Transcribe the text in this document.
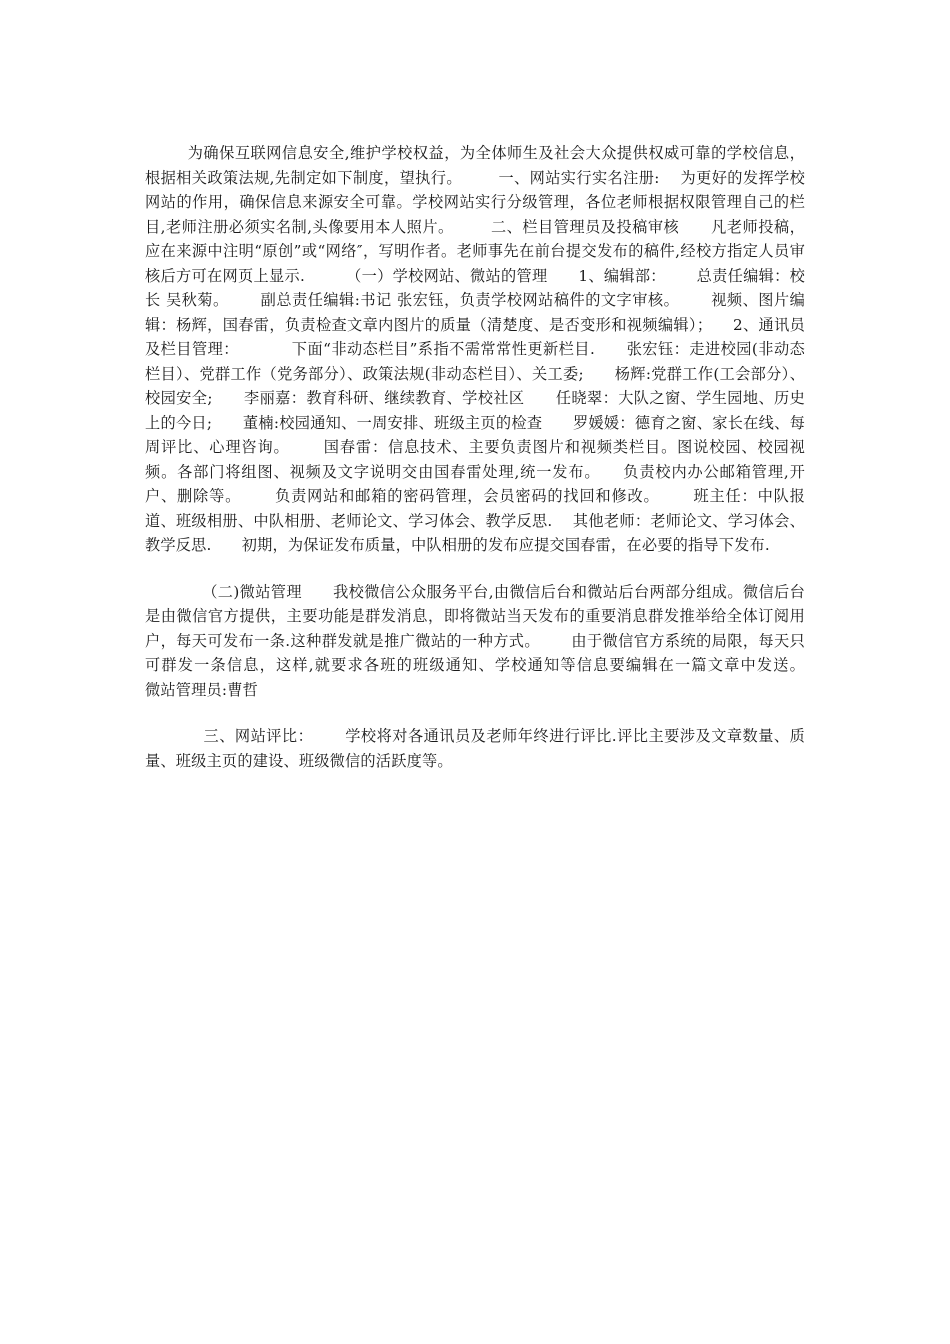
为确保互联网信息安全,维护学校权益，为全体师生及社会大众提供权威可靠的学校信息，根据相关政策法规,先制定如下制度，望执行。       一、网站实行实名注册:    为更好的发挥学校网站的作用，确保信息来源安全可靠。学校网站实行分级管理，各位老师根据权限管理自己的栏目,老师注册必须实名制,头像要用本人照片。       二、栏目管理员及投稿审核      凡老师投稿，应在来源中注明“原创”或“网络″，写明作者。老师事先在前台提交发布的稿件,经校方指定人员审核后方可在网页上显示.        （一）学校网站、微站的管理      1、编辑部：      总责任编辑：校长 吴秋菊。      副总责任编辑:书记 张宏钰，负责学校网站稿件的文字审核。      视频、图片编辑：杨辉，国春雷，负责检查文章内图片的质量（清楚度、是否变形和视频编辑）；    2、通讯员及栏目管理：          下面“非动态栏目”系指不需常常性更新栏目.      张宏钰：走进校园(非动态栏目）、党群工作（党务部分）、政策法规(非动态栏目）、关工委;      杨辉:党群工作(工会部分）、校园安全;      李丽嘉：教育科研、继续教育、学校社区      任晓翠：大队之窗、学生园地、历史上的今日;      董楠:校园通知、一周安排、班级主页的检查      罗媛媛：德育之窗、家长在线、每周评比、心理咨询。      国春雷：信息技术、主要负责图片和视频类栏目。图说校园、校园视频。各部门将组图、视频及文字说明交由国春雷处理,统一发布。    负责校内办公邮箱管理,开户、删除等。      负责网站和邮箱的密码管理，会员密码的找回和修改。      班主任：中队报道、班级相册、中队相册、老师论文、学习体会、教学反思.    其他老师：老师论文、学习体会、教学反思.      初期，为保证发布质量，中队相册的发布应提交国春雷，在必要的指导下发布.

（二)微站管理      我校微信公众服务平台,由微信后台和微站后台两部分组成。微信后台是由微信官方提供，主要功能是群发消息，即将微站当天发布的重要消息群发推举给全体订阅用户，每天可发布一条.这种群发就是推广微站的一种方式。      由于微信官方系统的局限，每天只可群发一条信息，这样,就要求各班的班级通知、学校通知等信息要编辑在一篇文章中发送。      微站管理员:曹哲

三、网站评比：      学校将对各通讯员及老师年终进行评比.评比主要涉及文章数量、质量、班级主页的建设、班级微信的活跃度等。
